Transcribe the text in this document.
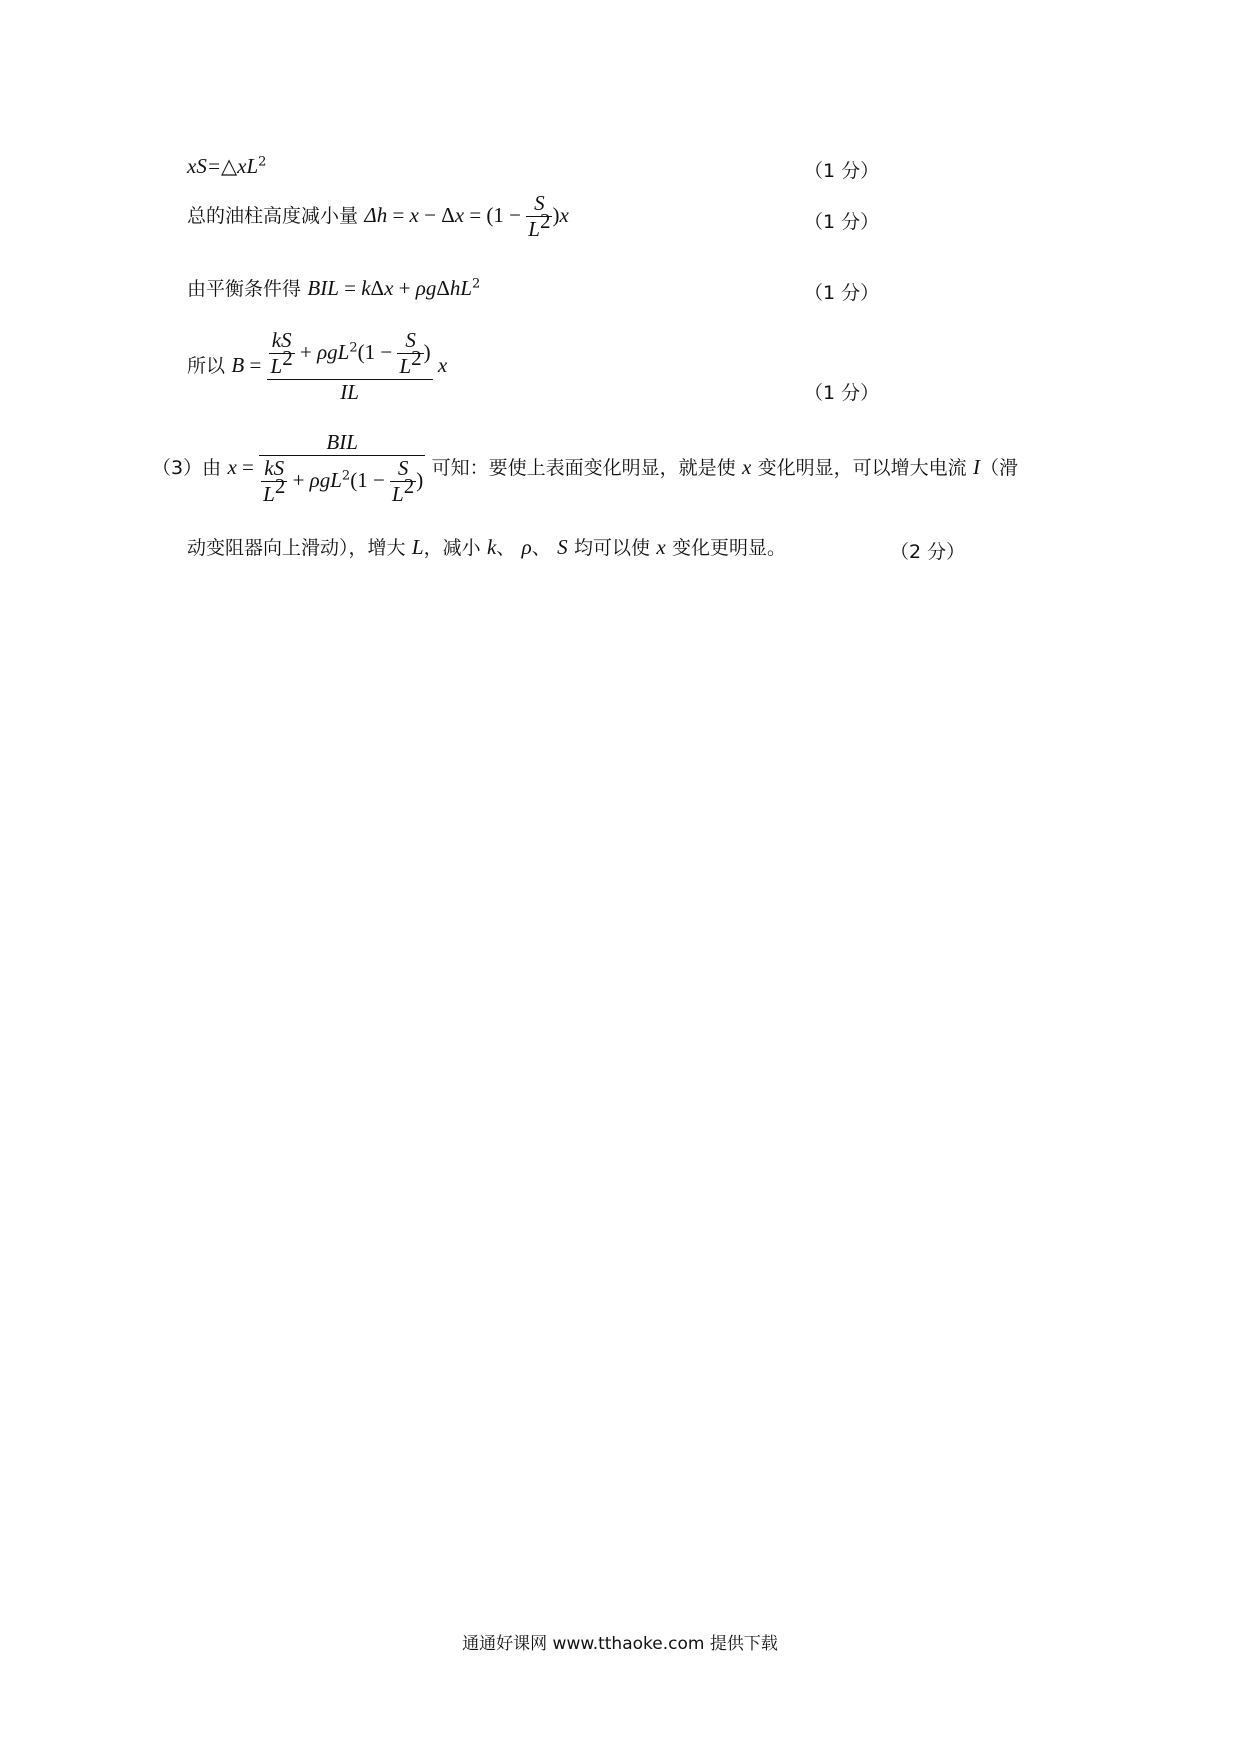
$xS=\triangle xL^2$	（1 分）
总的油柱高度减小量 $\Delta h = x - \Delta x = (1 - \frac{S}{L^2} )x$	（1 分）
由平衡条件得 BIL = kΔx + ρgΔhL$^2$	（1 分）
所以 $B = \frac{\frac{kS}{L^2} + \rho gL^2(1 - \frac{S}{L^2} )}{IL}$ x
（1 分）
（3）由 $x = \frac{\text{BIL}}{\frac{kS}{L^2} + \rho gL^2(1 - \frac{S}{L^2} )}$ 可知：要使上表面变化明显，就是使 x 变化明显，可以增大电流 I（滑
动变阻器向上滑动），增大 L，减小 k、 ρ、 S 均可以使 x 变化更明显。	（2 分）
通通好课网 www.tthaoke.com 提供下载
